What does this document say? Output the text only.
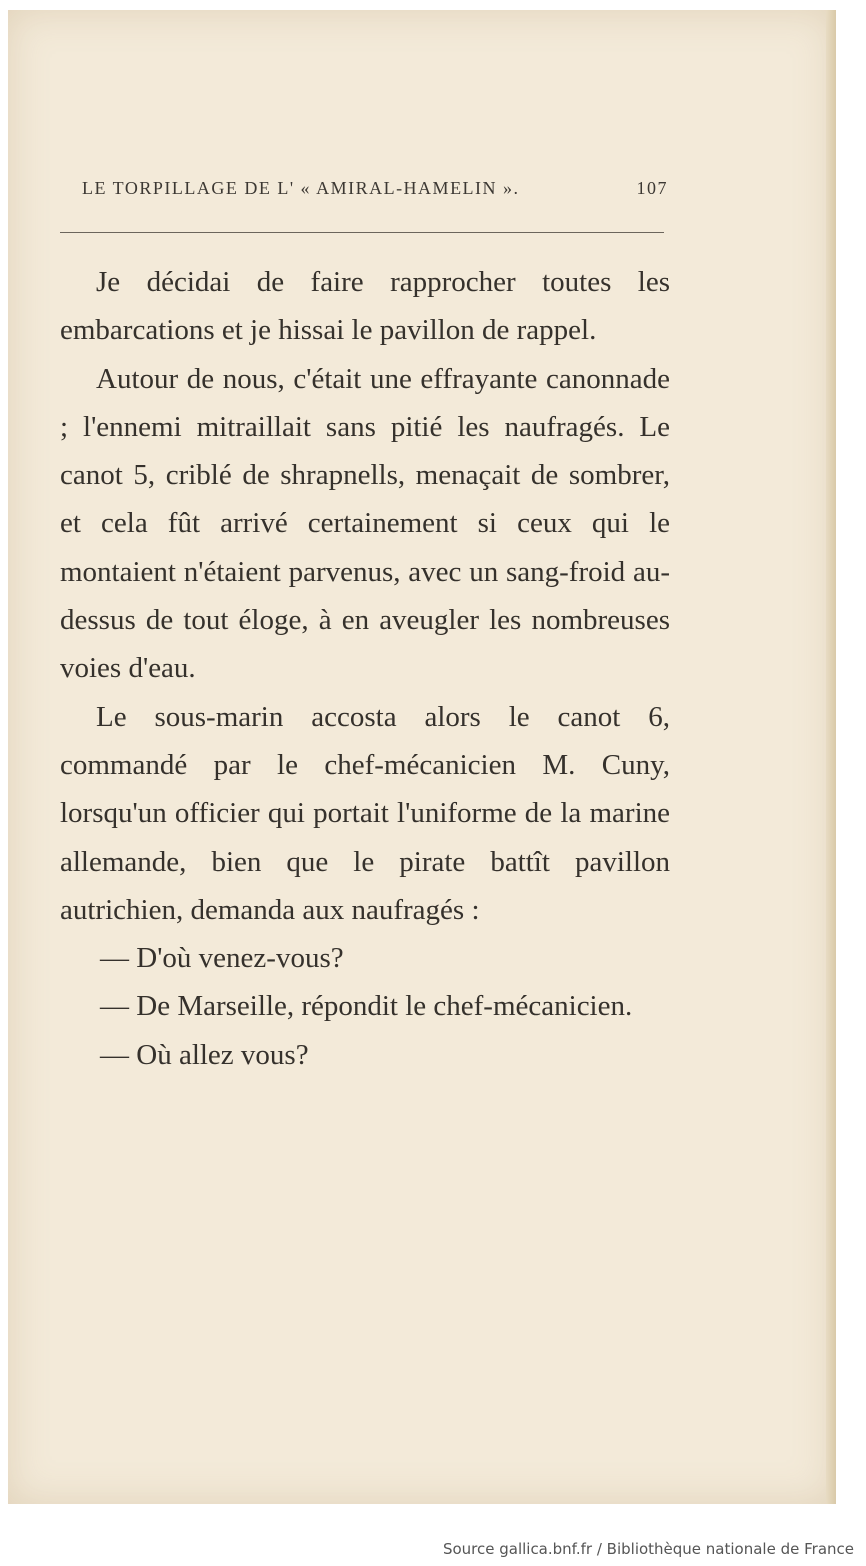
LE TORPILLAGE DE L' « AMIRAL-HAMELIN ».	107

Je décidai de faire rapprocher toutes les embarcations et je hissai le pavillon de rappel.

Autour de nous, c'était une effrayante canonnade ; l'ennemi mitraillait sans pitié les naufragés. Le canot 5, criblé de shrapnells, menaçait de sombrer, et cela fût arrivé certainement si ceux qui le montaient n'étaient parvenus, avec un sang-froid au-dessus de tout éloge, à en aveugler les nombreuses voies d'eau.

Le sous-marin accosta alors le canot 6, commandé par le chef-mécanicien M. Cuny, lorsqu'un officier qui portait l'uniforme de la marine allemande, bien que le pirate battît pavillon autrichien, demanda aux naufragés :

— D'où venez-vous?

— De Marseille, répondit le chef-mécanicien.

— Où allez vous?

Source gallica.bnf.fr / Bibliothèque nationale de France
